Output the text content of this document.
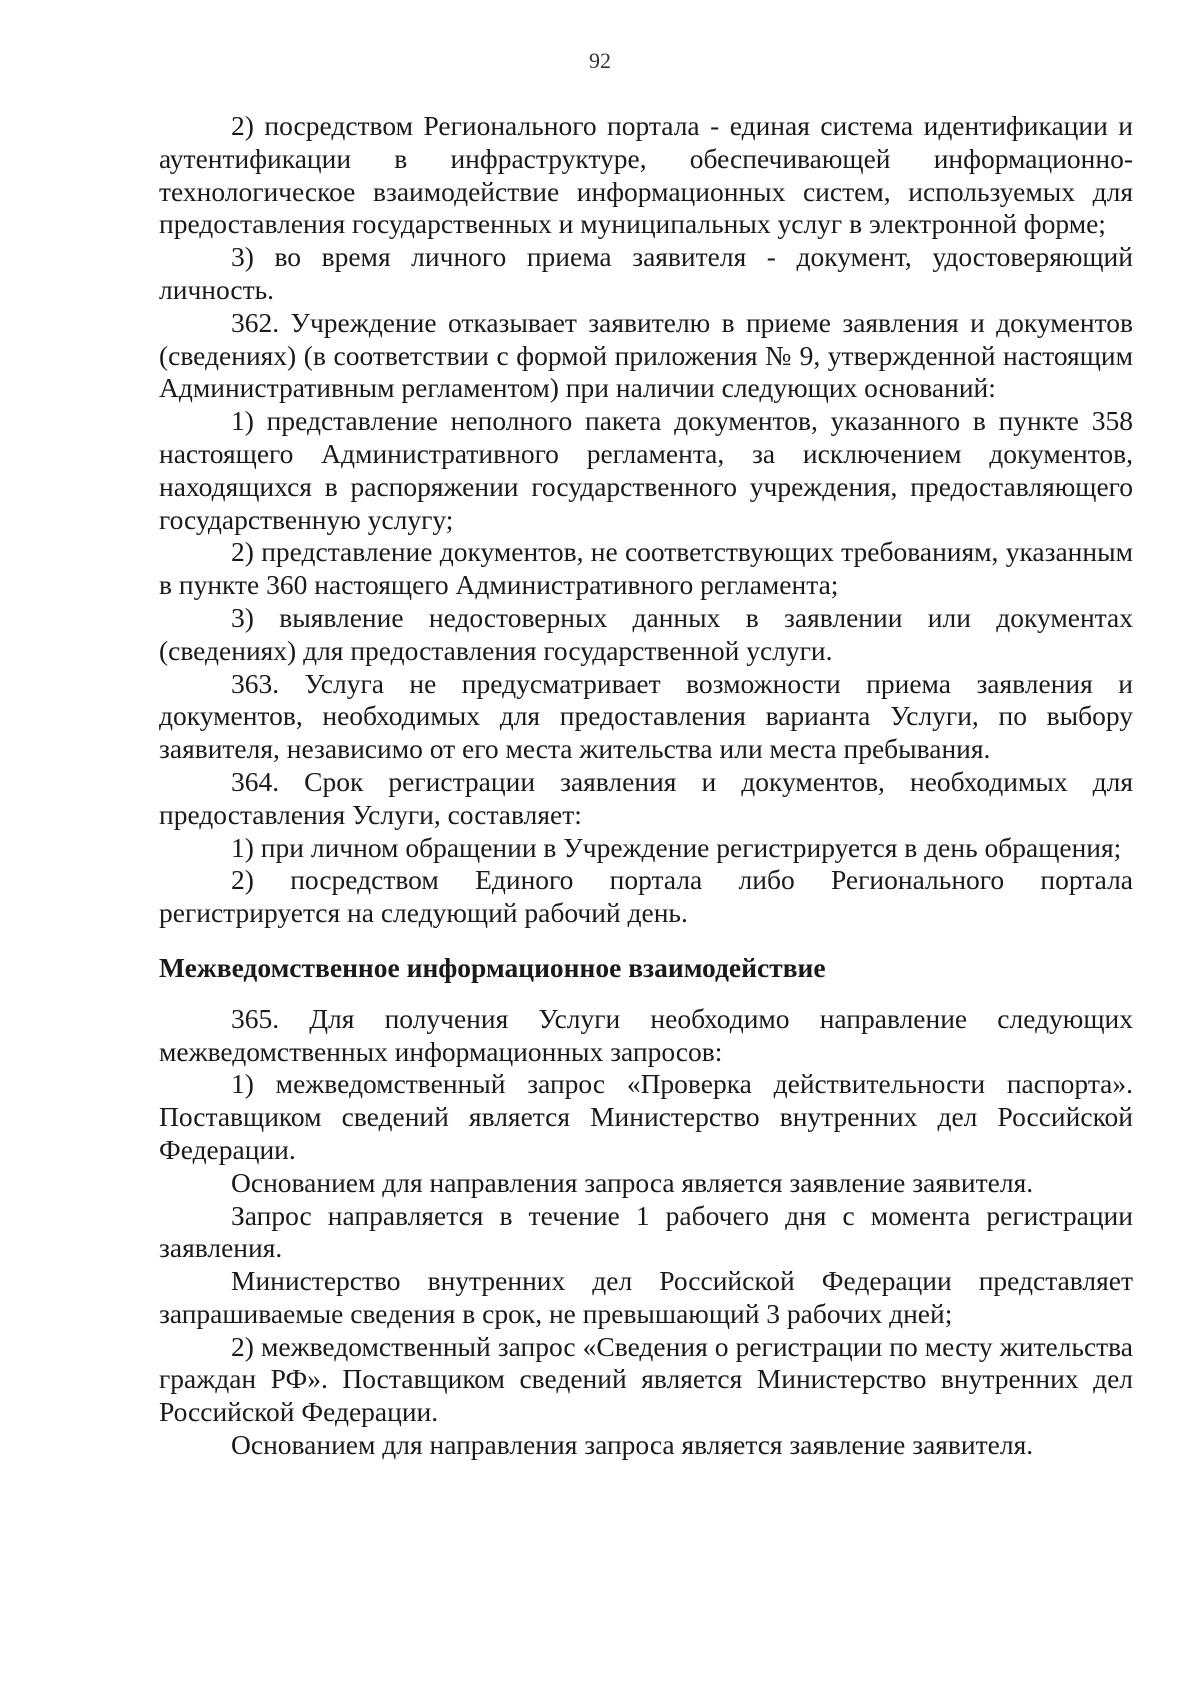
92

2) посредством Регионального портала - единая система идентификации и аутентификации в инфраструктуре, обеспечивающей информационно-технологическое взаимодействие информационных систем, используемых для предоставления государственных и муниципальных услуг в электронной форме;

3) во время личного приема заявителя - документ, удостоверяющий личность.

362. Учреждение отказывает заявителю в приеме заявления и документов (сведениях) (в соответствии с формой приложения № 9, утвержденной настоящим Административным регламентом) при наличии следующих оснований:

1) представление неполного пакета документов, указанного в пункте 358 настоящего Административного регламента, за исключением документов, находящихся в распоряжении государственного учреждения, предоставляющего государственную услугу;

2) представление документов, не соответствующих требованиям, указанным в пункте 360 настоящего Административного регламента;

3) выявление недостоверных данных в заявлении или документах (сведениях) для предоставления государственной услуги.

363. Услуга не предусматривает возможности приема заявления и документов, необходимых для предоставления варианта Услуги, по выбору заявителя, независимо от его места жительства или места пребывания.

364. Срок регистрации заявления и документов, необходимых для предоставления Услуги, составляет:

1) при личном обращении в Учреждение регистрируется в день обращения;

2) посредством Единого портала либо Регионального портала регистрируется на следующий рабочий день.

Межведомственное информационное взаимодействие

365. Для получения Услуги необходимо направление следующих межведомственных информационных запросов:

1) межведомственный запрос «Проверка действительности паспорта». Поставщиком сведений является Министерство внутренних дел Российской Федерации.

Основанием для направления запроса является заявление заявителя.

Запрос направляется в течение 1 рабочего дня с момента регистрации заявления.

Министерство внутренних дел Российской Федерации представляет запрашиваемые сведения в срок, не превышающий 3 рабочих дней;

2) межведомственный запрос «Сведения о регистрации по месту жительства граждан РФ». Поставщиком сведений является Министерство внутренних дел Российской Федерации.

Основанием для направления запроса является заявление заявителя.
